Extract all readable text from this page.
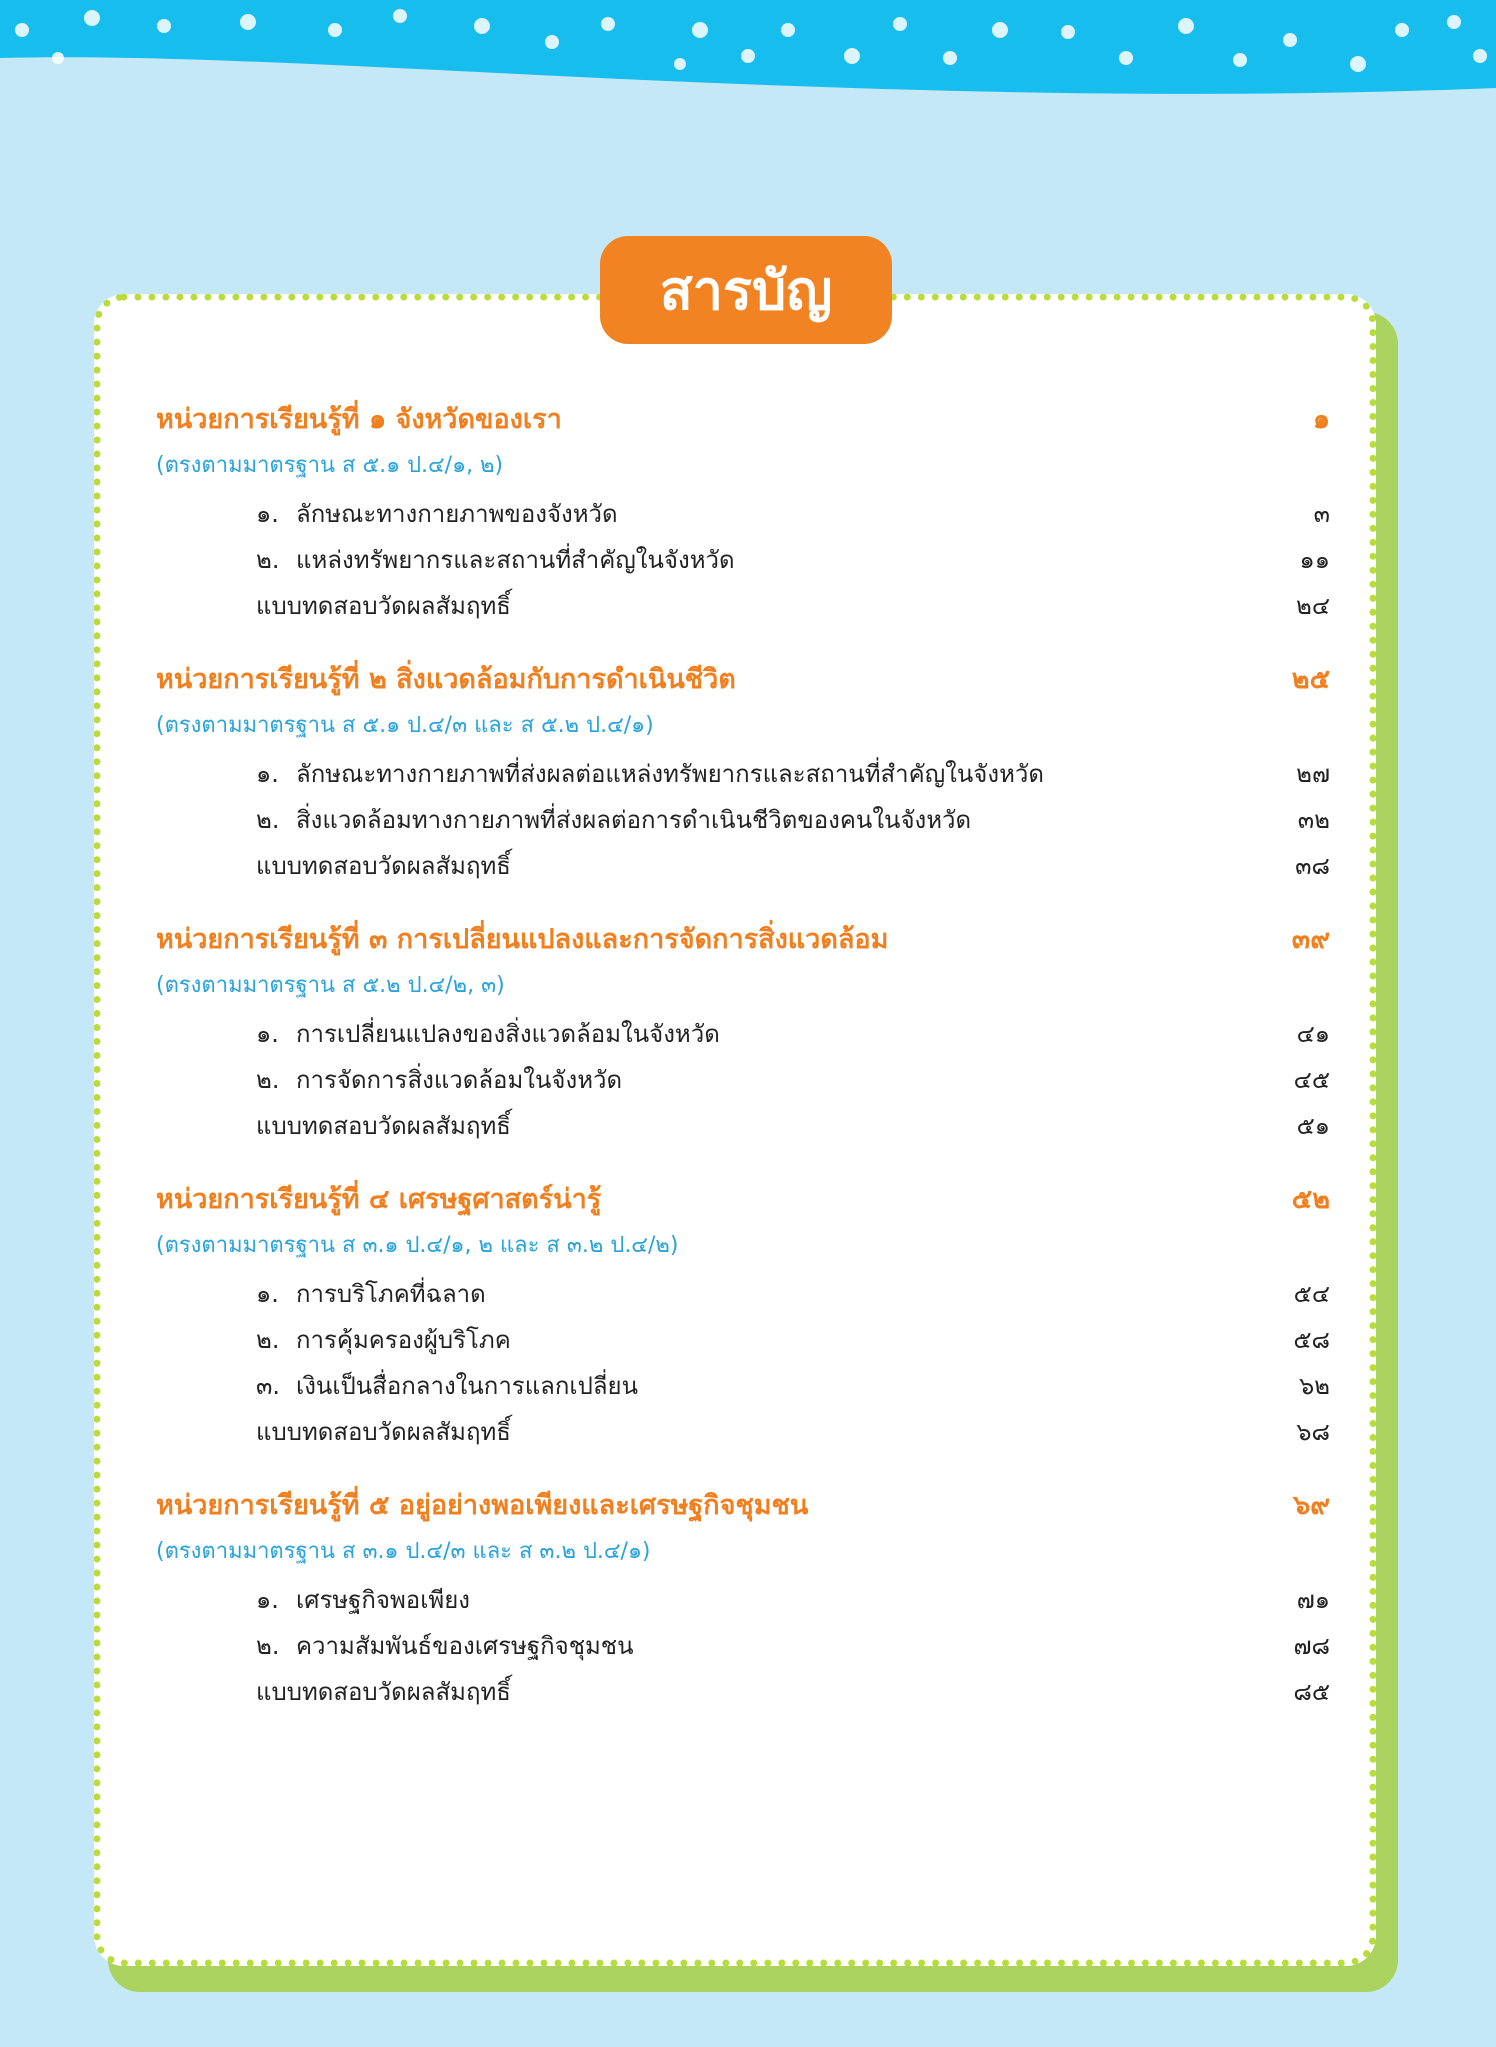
สารบัญ
หน่วยการเรียนรู้ที่ ๑ จังหวัดของเรา	๑
(ตรงตามมาตรฐาน ส ๕.๑ ป.๔/๑, ๒)
๑. ลักษณะทางกายภาพของจังหวัด	๓
๒. แหล่งทรัพยากรและสถานที่สำคัญในจังหวัด	๑๑
แบบทดสอบวัดผลสัมฤทธิ์	๒๔
หน่วยการเรียนรู้ที่ ๒ สิ่งแวดล้อมกับการดำเนินชีวิต	๒๕
(ตรงตามมาตรฐาน ส ๕.๑ ป.๔/๓ และ ส ๕.๒ ป.๔/๑)
๑. ลักษณะทางกายภาพที่ส่งผลต่อแหล่งทรัพยากรและสถานที่สำคัญในจังหวัด	๒๗
๒. สิ่งแวดล้อมทางกายภาพที่ส่งผลต่อการดำเนินชีวิตของคนในจังหวัด	๓๒
แบบทดสอบวัดผลสัมฤทธิ์	๓๘
หน่วยการเรียนรู้ที่ ๓ การเปลี่ยนแปลงและการจัดการสิ่งแวดล้อม	๓๙
(ตรงตามมาตรฐาน ส ๕.๒ ป.๔/๒, ๓)
๑. การเปลี่ยนแปลงของสิ่งแวดล้อมในจังหวัด	๔๑
๒. การจัดการสิ่งแวดล้อมในจังหวัด	๔๕
แบบทดสอบวัดผลสัมฤทธิ์	๕๑
หน่วยการเรียนรู้ที่ ๔ เศรษฐศาสตร์น่ารู้	๕๒
(ตรงตามมาตรฐาน ส ๓.๑ ป.๔/๑, ๒ และ ส ๓.๒ ป.๔/๒)
๑. การบริโภคที่ฉลาด	๕๔
๒. การคุ้มครองผู้บริโภค	๕๘
๓. เงินเป็นสื่อกลางในการแลกเปลี่ยน	๖๒
แบบทดสอบวัดผลสัมฤทธิ์	๖๘
หน่วยการเรียนรู้ที่ ๕ อยู่อย่างพอเพียงและเศรษฐกิจชุมชน	๖๙
(ตรงตามมาตรฐาน ส ๓.๑ ป.๔/๓ และ ส ๓.๒ ป.๔/๑)
๑. เศรษฐกิจพอเพียง	๗๑
๒. ความสัมพันธ์ของเศรษฐกิจชุมชน	๗๘
แบบทดสอบวัดผลสัมฤทธิ์	๘๕
